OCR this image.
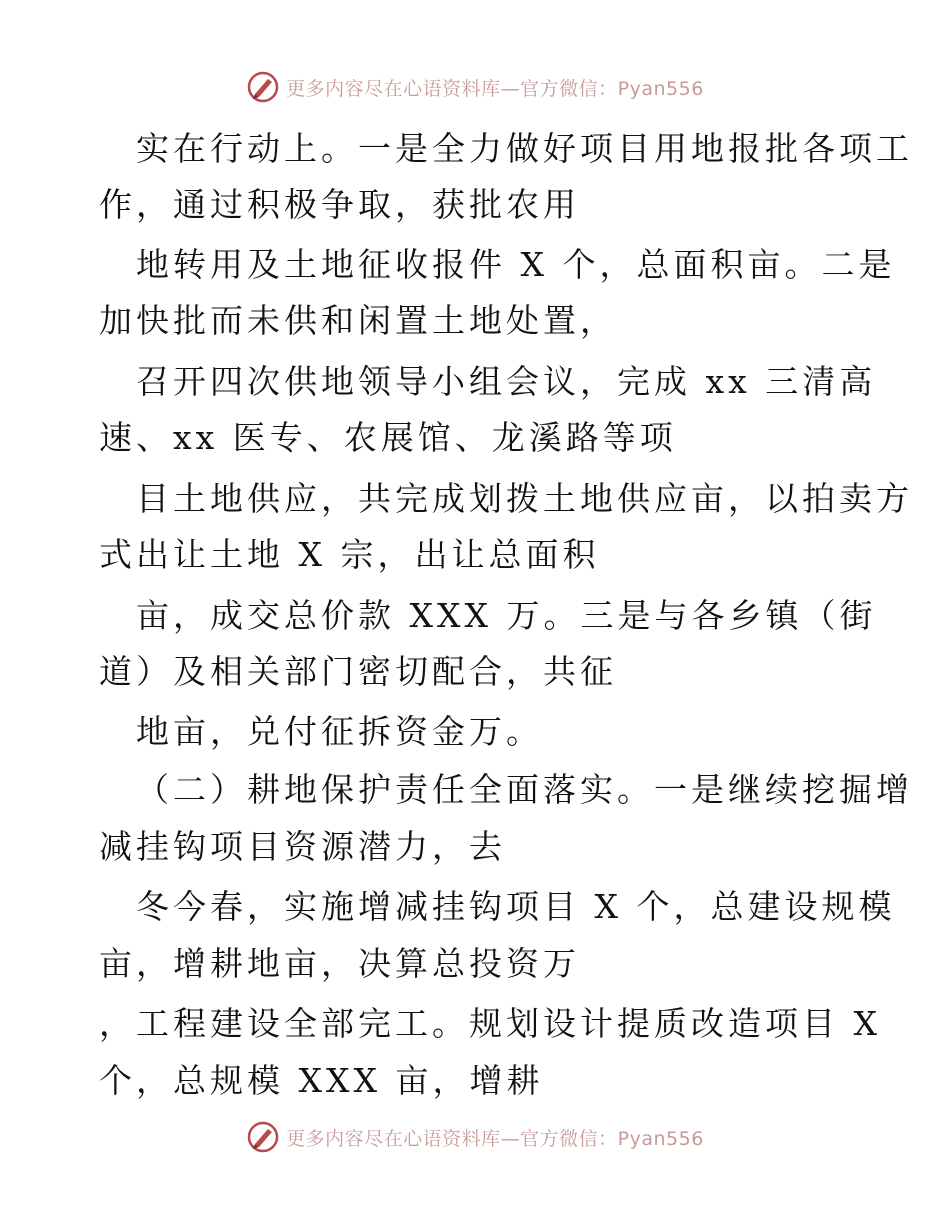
更多内容尽在心语资料库—官方微信：Pyan556
实在行动上。一是全力做好项目用地报批各项工
作，通过积极争取，获批农用
地转用及土地征收报件 X 个，总面积亩。二是
加快批而未供和闲置土地处置，
召开四次供地领导小组会议，完成 xx 三清高
速、xx 医专、农展馆、龙溪路等项
目土地供应，共完成划拨土地供应亩，以拍卖方
式出让土地 X 宗，出让总面积
亩，成交总价款 XXX 万。三是与各乡镇（街
道）及相关部门密切配合，共征
地亩，兑付征拆资金万。
（二）耕地保护责任全面落实。一是继续挖掘增
减挂钩项目资源潜力，去
冬今春，实施增减挂钩项目 X 个，总建设规模
亩，增耕地亩，决算总投资万
，工程建设全部完工。规划设计提质改造项目 X
个，总规模 XXX 亩，增耕
更多内容尽在心语资料库—官方微信：Pyan556
